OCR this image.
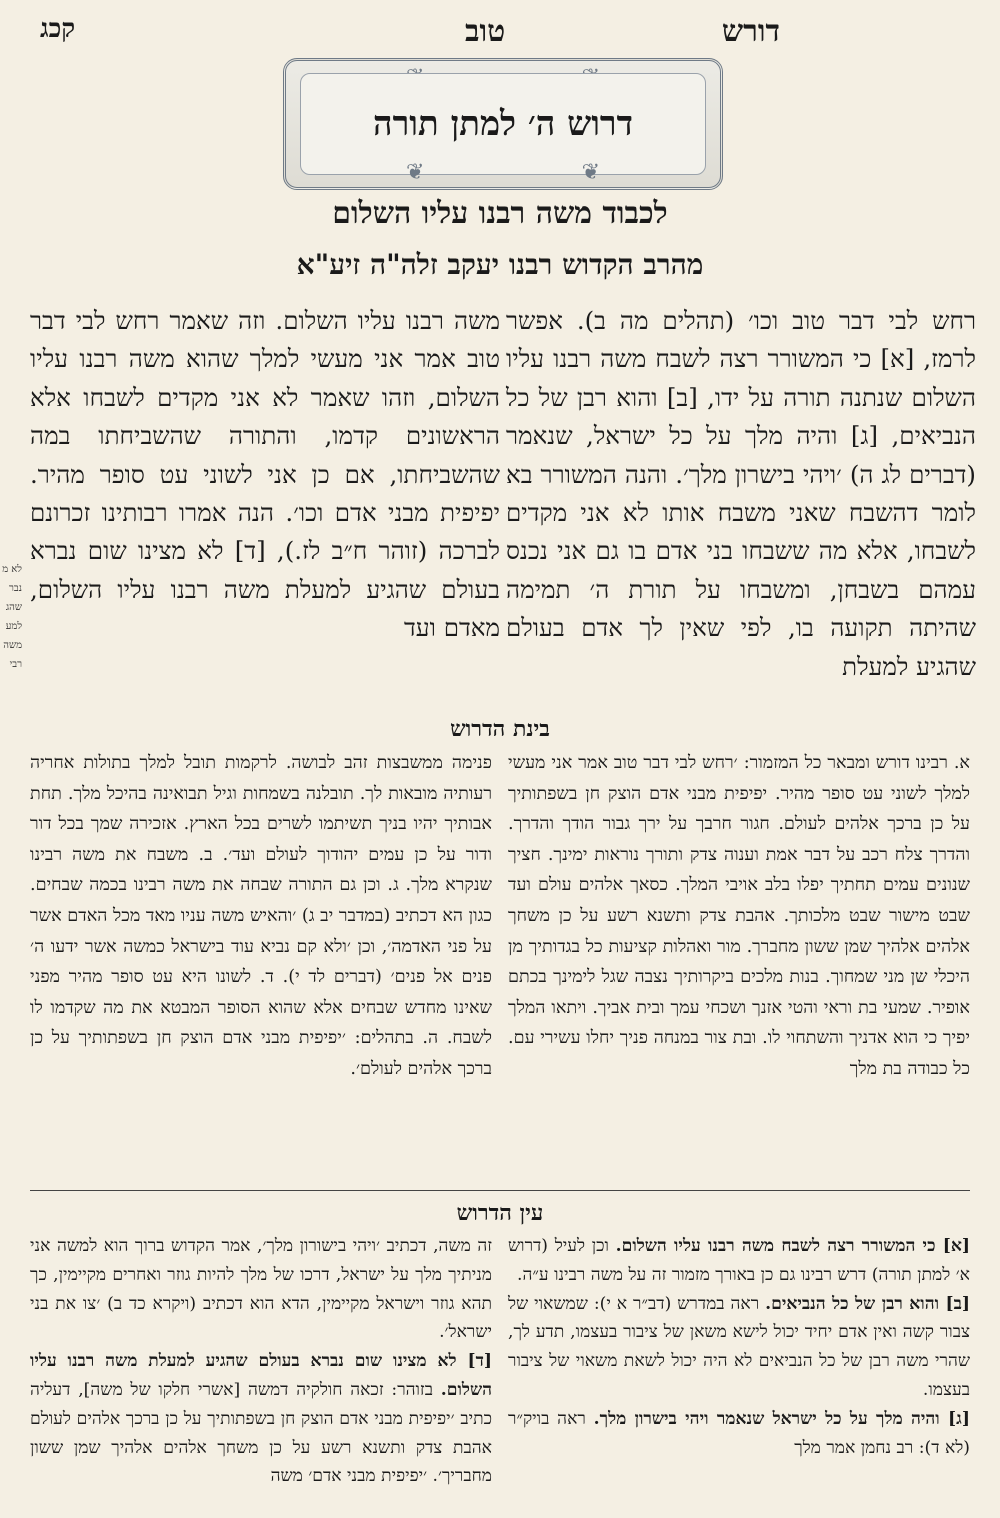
דורש
טוב
קכג
דרוש ה׳ למתן תורה
❦	❦
לכבוד משה רבנו עליו השלום
מהרב הקדוש רבנו יעקב זלה"ה זיע"א
רחש לבי דבר טוב וכו׳ (תהלים מה ב). אפשר לרמז, [א] כי המשורר רצה לשבח משה רבנו עליו השלום שנתנה תורה על ידו, [ב] והוא רבן של כל הנביאים, [ג] והיה מלך על כל ישראל, שנאמר (דברים לג ה) ׳ויהי בישרון מלך׳. והנה המשורר בא לומר דהשבח שאני משבח אותו לא אני מקדים לשבחו, אלא מה ששבחו בני אדם בו גם אני נכנס עמהם בשבחן, ומשבחו על תורת ה׳ תמימה שהיתה תקועה בו, לפי שאין לך אדם בעולם שהגיע למעלת
משה רבנו עליו השלום. וזה שאמר רחש לבי דבר טוב אמר אני מעשי למלך שהוא משה רבנו עליו השלום, וזהו שאמר לא אני מקדים לשבחו אלא הראשונים קדמו, והתורה שהשביחתו במה שהשביחתו, אם כן אני לשוני עט סופר מהיר. יפיפית מבני אדם וכו׳. הנה אמרו רבותינו זכרונם לברכה (זוהר ח״ב לז.), [ד] לא מצינו שום נברא בעולם שהגיע למעלת משה רבנו עליו השלום, מאדם ועד
לא מ נבר שהג למע משה רבי
בינת הדרוש
א. רבינו דורש ומבאר כל המזמור: ׳רחש לבי דבר טוב אמר אני מעשי למלך לשוני עט סופר מהיר. יפיפית מבני אדם הוצק חן בשפתותיך על כן ברכך אלהים לעולם. חגור חרבך על ירך גבור הודך והדרך. והדרך צלח רכב על דבר אמת וענוה צדק ותורך נוראות ימינך. חציך שנונים עמים תחתיך יפלו בלב אויבי המלך. כסאך אלהים עולם ועד שבט מישור שבט מלכותך. אהבת צדק ותשנא רשע על כן משחך אלהים אלהיך שמן ששון מחברך. מור ואהלות קציעות כל בגדותיך מן היכלי שן מני שמחוך. בנות מלכים ביקרותיך נצבה שגל לימינך בכתם אופיר. שמעי בת וראי והטי אזנך ושכחי עמך ובית אביך. ויתאו המלך יפיך כי הוא אדניך והשתחוי לו. ובת צור במנחה פניך יחלו עשירי עם. כל כבודה בת מלך
פנימה ממשבצות זהב לבושה. לרקמות תובל למלך בתולות אחריה רעותיה מובאות לך. תובלנה בשמחות וגיל תבואינה בהיכל מלך. תחת אבותיך יהיו בניך תשיתמו לשרים בכל הארץ. אזכירה שמך בכל דור ודור על כן עמים יהודוך לעולם ועד׳. ב. משבח את משה רבינו שנקרא מלך. ג. וכן גם התורה שבחה את משה רבינו בכמה שבחים. כגון הא דכתיב (במדבר יב ג) ׳והאיש משה עניו מאד מכל האדם אשר על פני האדמה׳, וכן ׳ולא קם נביא עוד בישראל כמשה אשר ידעו ה׳ פנים אל פנים׳ (דברים לד י). ד. לשונו היא עט סופר מהיר מפני שאינו מחדש שבחים אלא שהוא הסופר המבטא את מה שקדמו לו לשבח. ה. בתהלים: ׳יפיפית מבני אדם הוצק חן בשפתותיך על כן ברכך אלהים לעולם׳.
עין הדרוש
[א] כי המשורר רצה לשבח משה רבנו עליו השלום. וכן לעיל (דרוש א׳ למתן תורה) דרש רבינו גם כן באורך מזמור זה על משה רבינו ע״ה.
[ב] והוא רבן של כל הנביאים. ראה במדרש (דב״ר א י): שמשאוי של צבור קשה ואין אדם יחיד יכול לישא משאן של ציבור בעצמו, תדע לך, שהרי משה רבן של כל הנביאים לא היה יכול לשאת משאוי של ציבור בעצמו.
[ג] והיה מלך על כל ישראל שנאמר ויהי בישרון מלך. ראה בויק״ר (לא ד): רב נחמן אמר מלך
זה משה, דכתיב ׳ויהי בישורון מלך׳, אמר הקדוש ברוך הוא למשה אני מניתיך מלך על ישראל, דרכו של מלך להיות גוזר ואחרים מקיימין, כך תהא גוזר וישראל מקיימין, הדא הוא דכתיב (ויקרא כד ב) ׳צו את בני ישראל׳.
[ד] לא מצינו שום נברא בעולם שהגיע למעלת משה רבנו עליו השלום. בזוהר: זכאה חולקיה דמשה [אשרי חלקו של משה], דעליה כתיב ׳יפיפית מבני אדם הוצק חן בשפתותיך על כן ברכך אלהים לעולם אהבת צדק ותשנא רשע על כן משחך אלהים אלהיך שמן ששון מחבריך׳. ׳יפיפית מבני אדם׳ משה
